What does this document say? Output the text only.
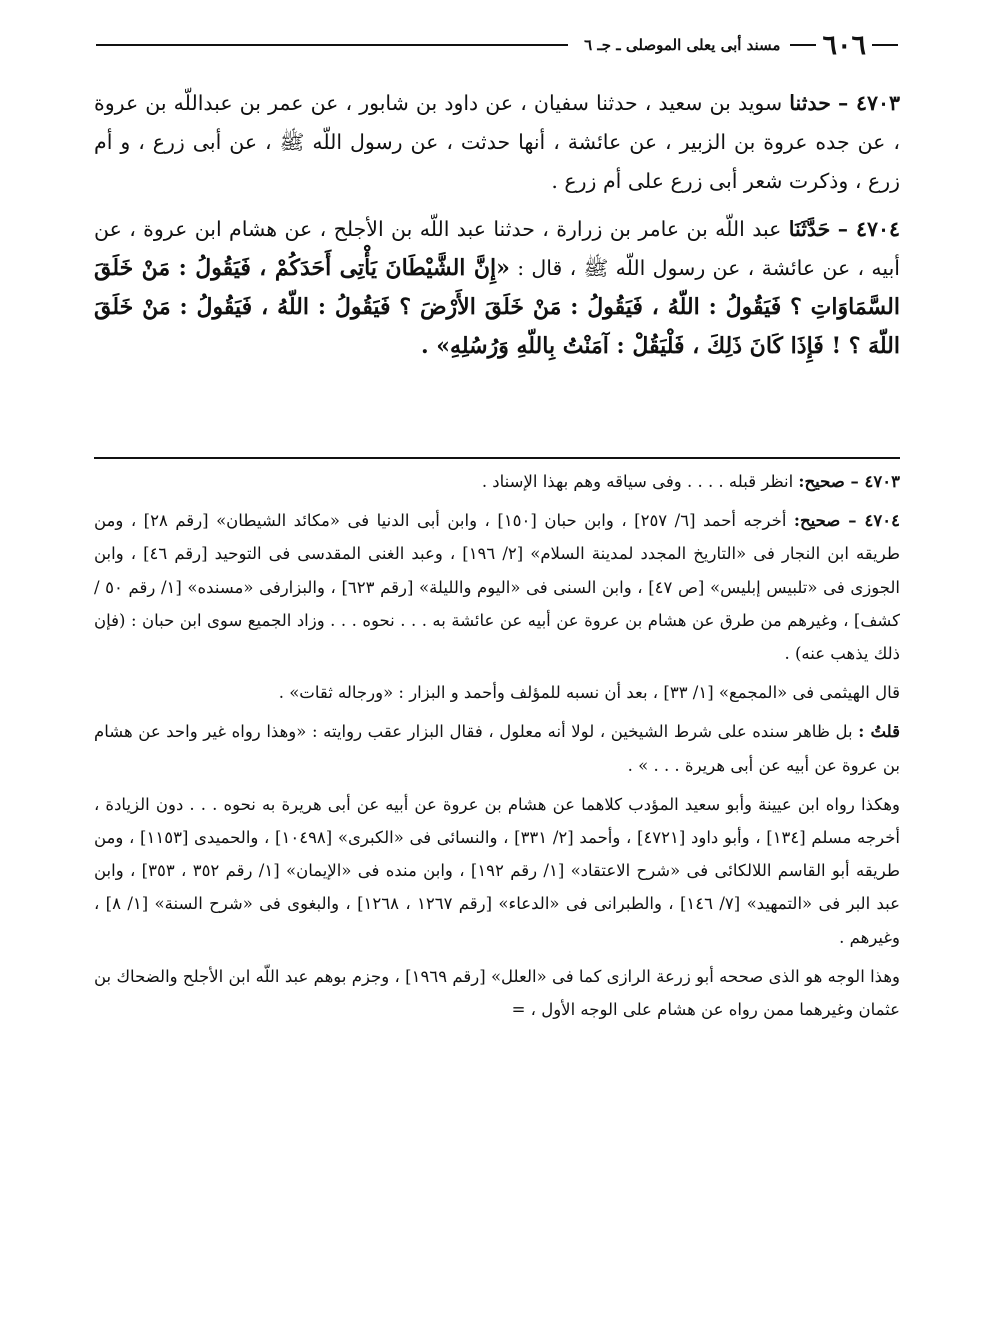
٦٠٦
مسند أبى يعلى الموصلى ـ جـ ٦

٤٧٠٣ – حدثنا سويد بن سعيد ، حدثنا سفيان ، عن داود بن شابور ، عن عمر بن عبداللّه بن عروة ، عن جده عروة بن الزبير ، عن عائشة ، أنها حدثت ، عن رسول اللّه ﷺ ، عن أبى زرع ، و أم زرع ، وذكرت شعر أبى زرع على أم زرع .

٤٧٠٤ – حَدَّثَنَا عبد اللّه بن عامر بن زرارة ، حدثنا عبد اللّه بن الأجلح ، عن هشام ابن عروة ، عن أبيه ، عن عائشة ، عن رسول اللّه ﷺ ، قال : «إِنَّ الشَّيْطَانَ يَأْتِى أَحَدَكُمْ ، فَيَقُولُ : مَنْ خَلَقَ السَّمَاوَاتِ ؟ فَيَقُولُ : اللّهُ ، فَيَقُولُ : مَنْ خَلَقَ الأَرْضَ ؟ فَيَقُولُ : اللّهُ ، فَيَقُولُ : مَنْ خَلَقَ اللّهَ ؟ ! فَإِذَا كَانَ ذَلِكَ ، فَلْيَقُلْ : آمَنْتُ بِاللّهِ وَرُسُلِهِ» .

٤٧٠٣ – صحيح: انظر قبله . . . . وفى سياقه وهم بهذا الإسناد .

٤٧٠٤ – صحيح: أخرجه أحمد [٦/ ٢٥٧] ، وابن حبان [١٥٠] ، وابن أبى الدنيا فى «مكائد الشيطان» [رقم ٢٨] ، ومن طريقه ابن النجار فى «التاريخ المجدد لمدينة السلام» [٢/ ١٩٦] ، وعبد الغنى المقدسى فى التوحيد [رقم ٤٦] ، وابن الجوزى فى «تلبيس إبليس» [ص ٤٧] ، وابن السنى فى «اليوم والليلة» [رقم ٦٢٣] ، والبزارفى «مسنده» [١/ رقم ٥٠ / كشف] ، وغيرهم من طرق عن هشام بن عروة عن أبيه عن عائشة به . . . نحوه . . . وزاد الجميع سوى ابن حبان : (فإن ذلك يذهب عنه) .

قال الهيثمى فى «المجمع» [١/ ٣٣] ، بعد أن نسبه للمؤلف وأحمد و البزار : «ورجاله ثقات» .

قلتُ : بل ظاهر سنده على شرط الشيخين ، لولا أنه معلول ، فقال البزار عقب روايته : «وهذا رواه غير واحد عن هشام بن عروة عن أبيه عن أبى هريرة . . . » .

وهكذا رواه ابن عيينة وأبو سعيد المؤدب كلاهما عن هشام بن عروة عن أبيه عن أبى هريرة به نحوه . . . دون الزيادة ، أخرجه مسلم [١٣٤] ، وأبو داود [٤٧٢١] ، وأحمد [٢/ ٣٣١] ، والنسائى فى «الكبرى» [١٠٤٩٨] ، والحميدى [١١٥٣] ، ومن طريقه أبو القاسم اللالكائى فى «شرح الاعتقاد» [١/ رقم ١٩٢] ، وابن منده فى «الإيمان» [١/ رقم ٣٥٢ ، ٣٥٣] ، وابن عبد البر فى «التمهيد» [٧/ ١٤٦] ، والطبرانى فى «الدعاء» [رقم ١٢٦٧ ، ١٢٦٨] ، والبغوى فى «شرح السنة» [١/ ٨] ، وغيرهم .

وهذا الوجه هو الذى صححه أبو زرعة الرازى كما فى «العلل» [رقم ١٩٦٩] ، وجزم بوهم عبد اللّه ابن الأجلح والضحاك بن عثمان وغيرهما ممن رواه عن هشام على الوجه الأول ، =
